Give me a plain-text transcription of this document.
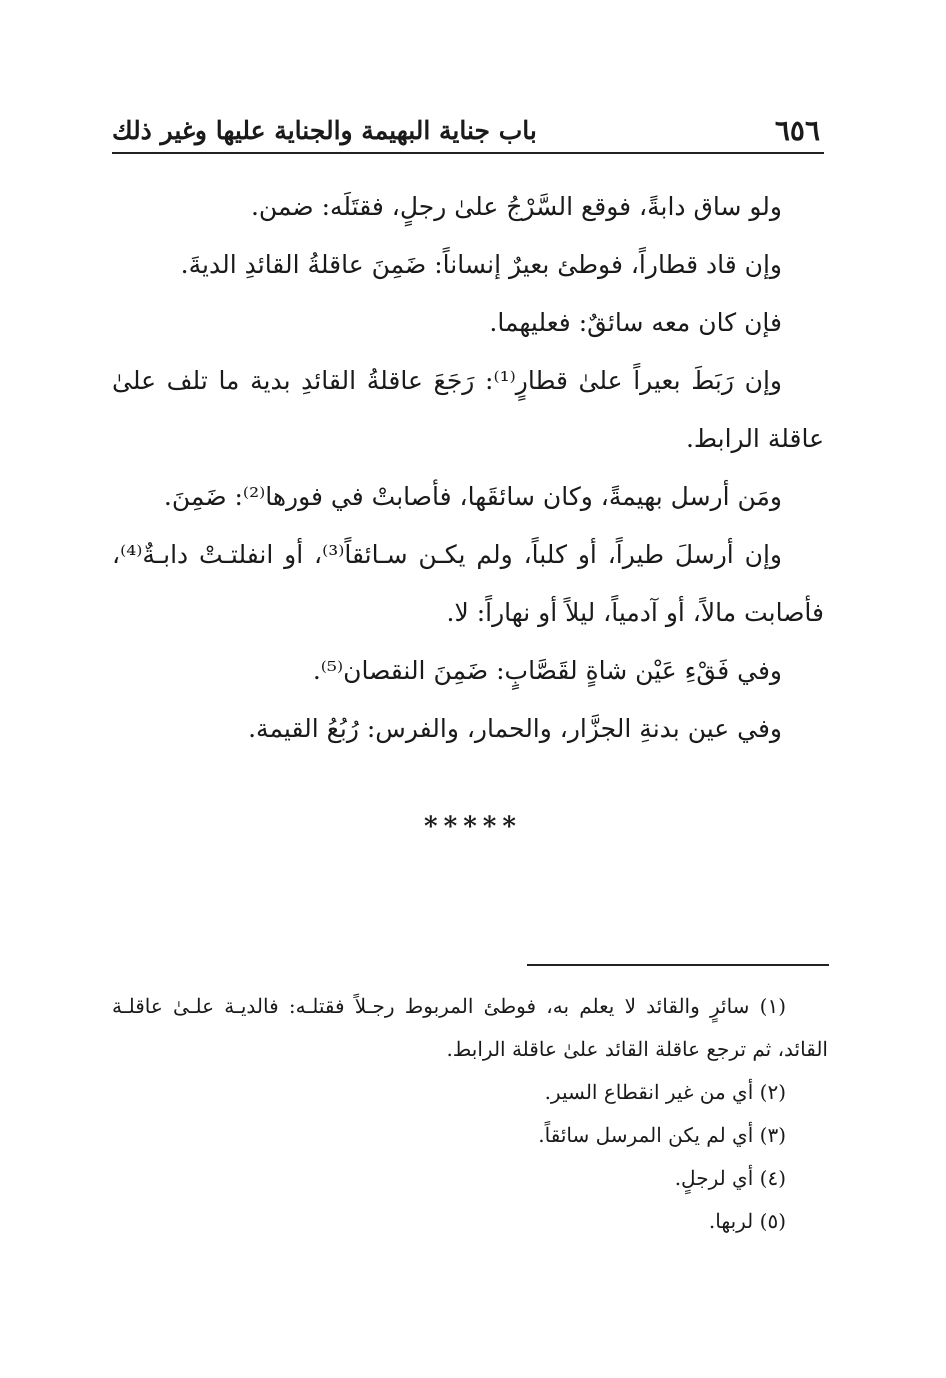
٦٥٦
باب جناية البهيمة والجناية عليها وغير ذلك

ولو ساق دابةً، فوقع السَّرْجُ علىٰ رجلٍ، فقتَلَه: ضمن.

وإن قاد قطاراً، فوطئ بعيرٌ إنساناً: ضَمِنَ عاقلةُ القائدِ الديةَ.

فإن كان معه سائقٌ: فعليهما.

وإن رَبَطَ بعيراً علىٰ قطارٍ⁽¹⁾: رَجَعَ عاقلةُ القائدِ بدية ما تلف علىٰ عاقلة الرابط.

ومَن أرسل بهيمةً، وكان سائقَها، فأصابتْ في فورها⁽²⁾: ضَمِنَ.

وإن أرسلَ طيراً، أو كلباً، ولم يكـن سـائقاً⁽³⁾، أو انفلتـتْ دابـةٌ⁽⁴⁾، فأصابت مالاً، أو آدمياً، ليلاً أو نهاراً: لا.

وفي فَقْءِ عَيْن شاةٍ لقَصَّابٍ: ضَمِنَ النقصان⁽⁵⁾.

وفي عين بدنةِ الجزَّار، والحمار، والفرس: رُبُعُ القيمة.

*****

(١) سائرٍ والقائد لا يعلم به، فوطئ المربوط رجـلاً فقتلـه: فالديـة علـىٰ عاقلـة القائد، ثم ترجع عاقلة القائد علىٰ عاقلة الرابط.

(٢) أي من غير انقطاع السير.

(٣) أي لم يكن المرسل سائقاً.

(٤) أي لرجلٍ.

(٥) لربها.
